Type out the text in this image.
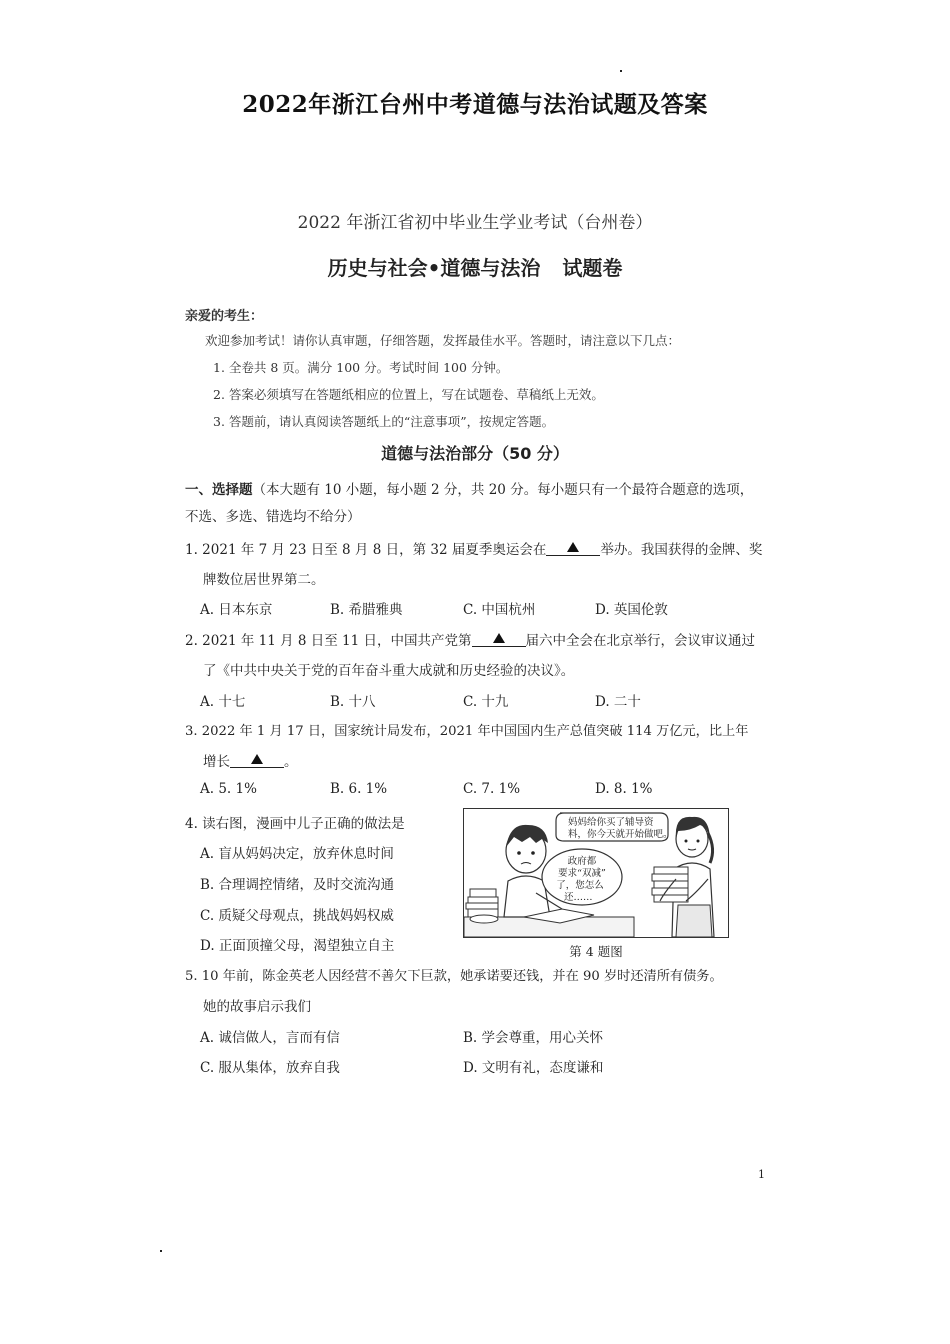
2022年浙江台州中考道德与法治试题及答案
2022 年浙江省初中毕业生学业考试（台州卷）
历史与社会•道德与法治 试题卷
亲爱的考生：
欢迎参加考试！请你认真审题，仔细答题，发挥最佳水平。答题时，请注意以下几点：
1. 全卷共 8 页。满分 100 分。考试时间 100 分钟。
2. 答案必须填写在答题纸相应的位置上，写在试题卷、草稿纸上无效。
3. 答题前，请认真阅读答题纸上的“注意事项”，按规定答题。
道德与法治部分（50 分）
一、选择题（本大题有 10 小题，每小题 2 分，共 20 分。每小题只有一个最符合题意的选项，
不选、多选、错选均不给分）
1. 2021 年 7 月 23 日至 8 月 8 日，第 32 届夏季奥运会在	举办。我国获得的金牌、奖
牌数位居世界第二。
A. 日本东京	B. 希腊雅典	C. 中国杭州	D. 英国伦敦
2. 2021 年 11 月 8 日至 11 日，中国共产党第	届六中全会在北京举行，会议审议通过
了《中共中央关于党的百年奋斗重大成就和历史经验的决议》。
A. 十七	B. 十八	C. 十九	D. 二十
3. 2022 年 1 月 17 日，国家统计局发布，2021 年中国国内生产总值突破 114 万亿元，比上年
增长	。
A. 5. 1%	B. 6. 1%	C. 7. 1%	D. 8. 1%
4. 读右图，漫画中儿子正确的做法是
A. 盲从妈妈决定，放弃休息时间
B. 合理调控情绪，及时交流沟通
C. 质疑父母观点，挑战妈妈权威
D. 正面顶撞父母，渴望独立自主
政府都
要求“双减”
了，您怎么
还……
妈妈给你买了辅导资
料，你今天就开始做吧。
第 4 题图
5. 10 年前，陈金英老人因经营不善欠下巨款，她承诺要还钱，并在 90 岁时还清所有债务。
她的故事启示我们
A. 诚信做人，言而有信	B. 学会尊重，用心关怀
C. 服从集体，放弃自我	D. 文明有礼，态度谦和
1
